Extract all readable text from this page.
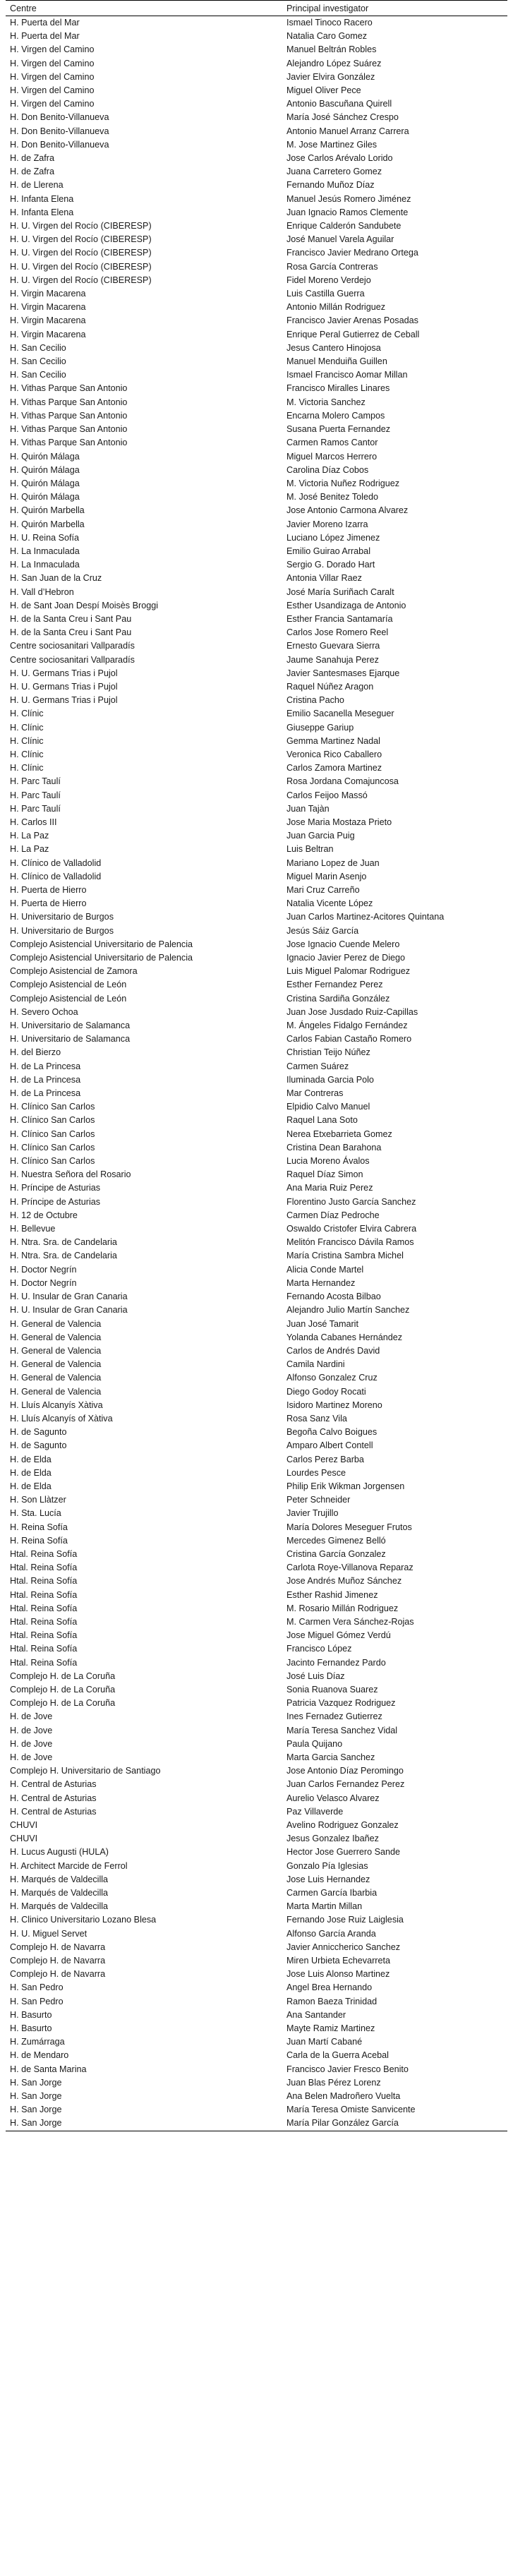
Centre	Principal investigator
H. Puerta del Mar	Ismael Tinoco Racero
H. Puerta del Mar	Natalia Caro Gomez
H. Virgen del Camino	Manuel Beltrán Robles
H. Virgen del Camino	Alejandro López Suárez
H. Virgen del Camino	Javier Elvira González
H. Virgen del Camino	Miguel Oliver Pece
H. Virgen del Camino	Antonio Bascuñana Quirell
H. Don Benito-Villanueva	María José Sánchez Crespo
H. Don Benito-Villanueva	Antonio Manuel Arranz Carrera
H. Don Benito-Villanueva	M. Jose Martinez Giles
H. de Zafra	Jose Carlos Arévalo Lorido
H. de Zafra	Juana Carretero Gomez
H. de Llerena	Fernando Muñoz Díaz
H. Infanta Elena	Manuel Jesús Romero Jiménez
H. Infanta Elena	Juan Ignacio Ramos Clemente
H. U. Virgen del Rocío (CIBERESP)	Enrique Calderón Sandubete
H. U. Virgen del Rocío (CIBERESP)	José Manuel Varela Aguilar
H. U. Virgen del Rocío (CIBERESP)	Francisco Javier Medrano Ortega
H. U. Virgen del Rocío (CIBERESP)	Rosa García Contreras
H. U. Virgen del Rocío (CIBERESP)	Fidel Moreno Verdejo
H. Virgin Macarena	Luis Castilla Guerra
H. Virgin Macarena	Antonio Millán Rodriguez
H. Virgin Macarena	Francisco Javier Arenas Posadas
H. Virgin Macarena	Enrique Peral Gutierrez de Ceball
H. San Cecilio	Jesus Cantero Hinojosa
H. San Cecilio	Manuel Menduiña Guillen
H. San Cecilio	Ismael Francisco Aomar Millan
H. Vithas Parque San Antonio	Francisco Miralles Linares
H. Vithas Parque San Antonio	M. Victoria Sanchez
H. Vithas Parque San Antonio	Encarna Molero Campos
H. Vithas Parque San Antonio	Susana Puerta Fernandez
H. Vithas Parque San Antonio	Carmen Ramos Cantor
H. Quirón Málaga	Miguel Marcos Herrero
H. Quirón Málaga	Carolina Díaz Cobos
H. Quirón Málaga	M. Victoria Nuñez Rodriguez
H. Quirón Málaga	M. José Benitez Toledo
H. Quirón Marbella	Jose Antonio Carmona Alvarez
H. Quirón Marbella	Javier Moreno Izarra
H. U. Reina Sofía	Luciano López Jimenez
H. La Inmaculada	Emilio Guirao Arrabal
H. La Inmaculada	Sergio G. Dorado Hart
H. San Juan de la Cruz	Antonia Villar Raez
H. Vall d’Hebron	José María Suriñach Caralt
H. de Sant Joan Despí Moisès Broggi	Esther Usandizaga de Antonio
H. de la Santa Creu i Sant Pau	Esther Francia Santamaría
H. de la Santa Creu i Sant Pau	Carlos Jose Romero Reel
Centre sociosanitari Vallparadís	Ernesto Guevara Sierra
Centre sociosanitari Vallparadís	Jaume Sanahuja Perez
H. U. Germans Trias i Pujol	Javier Santesmases Ejarque
H. U. Germans Trias i Pujol	Raquel Núñez Aragon
H. U. Germans Trias i Pujol	Cristina Pacho
H. Clínic	Emilio Sacanella Meseguer
H. Clínic	Giuseppe Gariup
H. Clínic	Gemma Martinez Nadal
H. Clínic	Veronica Rico Caballero
H. Clínic	Carlos Zamora Martinez
H. Parc Taulí	Rosa Jordana Comajuncosa
H. Parc Taulí	Carlos Feijoo Massó
H. Parc Taulí	Juan Tajàn
H. Carlos III	Jose Maria Mostaza Prieto
H. La Paz	Juan Garcia Puig
H. La Paz	Luis Beltran
H. Clínico de Valladolid	Mariano Lopez de Juan
H. Clínico de Valladolid	Miguel Marin Asenjo
H. Puerta de Hierro	Mari Cruz Carreño
H. Puerta de Hierro	Natalia Vicente López
H. Universitario de Burgos	Juan Carlos Martinez-Acitores Quintana
H. Universitario de Burgos	Jesús Sáiz García
Complejo Asistencial Universitario de Palencia	Jose Ignacio Cuende Melero
Complejo Asistencial Universitario de Palencia	Ignacio Javier Perez de Diego
Complejo Asistencial de Zamora	Luis Miguel Palomar Rodriguez
Complejo Asistencial de León	Esther Fernandez Perez
Complejo Asistencial de León	Cristina Sardiña González
H. Severo Ochoa	Juan Jose Jusdado Ruiz-Capillas
H. Universitario de Salamanca	M. Ángeles Fidalgo Fernández
H. Universitario de Salamanca	Carlos Fabian Castaño Romero
H. del Bierzo	Christian Teijo Núñez
H. de La Princesa	Carmen Suárez
H. de La Princesa	Iluminada Garcia Polo
H. de La Princesa	Mar Contreras
H. Clínico San Carlos	Elpidio Calvo Manuel
H. Clínico San Carlos	Raquel Lana Soto
H. Clínico San Carlos	Nerea Etxebarrieta Gomez
H. Clínico San Carlos	Cristina Dean Barahona
H. Clínico San Carlos	Lucia Moreno Ávalos
H. Nuestra Señora del Rosario	Raquel Díaz Simon
H. Príncipe de Asturias	Ana Maria Ruiz Perez
H. Príncipe de Asturias	Florentino Justo García Sanchez
H. 12 de Octubre	Carmen Díaz Pedroche
H. Bellevue	Oswaldo Cristofer Elvira Cabrera
H. Ntra. Sra. de Candelaria	Melitón Francisco Dávila Ramos
H. Ntra. Sra. de Candelaria	María Cristina Sambra Michel
H. Doctor Negrín	Alicia Conde Martel
H. Doctor Negrín	Marta Hernandez
H. U. Insular de Gran Canaria	Fernando Acosta Bilbao
H. U. Insular de Gran Canaria	Alejandro Julio Martín Sanchez
H. General de Valencia	Juan José Tamarit
H. General de Valencia	Yolanda Cabanes Hernández
H. General de Valencia	Carlos de Andrés David
H. General de Valencia	Camila Nardini
H. General de Valencia	Alfonso Gonzalez Cruz
H. General de Valencia	Diego Godoy Rocati
H. Lluís Alcanyís Xàtiva	Isidoro Martinez Moreno
H. Lluís Alcanyís of Xàtiva	Rosa Sanz Vila
H. de Sagunto	Begoña Calvo Boigues
H. de Sagunto	Amparo Albert Contell
H. de Elda	Carlos Perez Barba
H. de Elda	Lourdes Pesce
H. de Elda	Philip Erik Wikman Jorgensen
H. Son Llàtzer	Peter Schneider
H. Sta. Lucía	Javier Trujillo
H. Reina Sofía	María Dolores Meseguer Frutos
H. Reina Sofía	Mercedes Gimenez Belló
Htal. Reina Sofía	Cristina García Gonzalez
Htal. Reina Sofía	Carlota Roye-Villanova Reparaz
Htal. Reina Sofía	Jose Andrés Muñoz Sánchez
Htal. Reina Sofía	Esther Rashid Jimenez
Htal. Reina Sofía	M. Rosario Millán Rodriguez
Htal. Reina Sofía	M. Carmen Vera Sánchez-Rojas
Htal. Reina Sofía	Jose Miguel Gómez Verdú
Htal. Reina Sofía	Francisco López
Htal. Reina Sofía	Jacinto Fernandez Pardo
Complejo H. de La Coruña	José Luis Díaz
Complejo H. de La Coruña	Sonia Ruanova Suarez
Complejo H. de La Coruña	Patricia Vazquez Rodriguez
H. de Jove	Ines Fernadez Gutierrez
H. de Jove	María Teresa Sanchez Vidal
H. de Jove	Paula Quijano
H. de Jove	Marta Garcia Sanchez
Complejo H. Universitario de Santiago	Jose Antonio Díaz Peromingo
H. Central de Asturias	Juan Carlos Fernandez Perez
H. Central de Asturias	Aurelio Velasco Alvarez
H. Central de Asturias	Paz Villaverde
CHUVI	Avelino Rodriguez Gonzalez
CHUVI	Jesus Gonzalez Ibañez
H. Lucus Augusti (HULA)	Hector Jose Guerrero Sande
H. Architect Marcide de Ferrol	Gonzalo Pía Iglesias
H. Marqués de Valdecilla	Jose Luis Hernandez
H. Marqués de Valdecilla	Carmen García Ibarbia
H. Marqués de Valdecilla	Marta Martin Millan
H. Clinico Universitario Lozano Blesa	Fernando Jose Ruiz Laiglesia
H. U. Miguel Servet	Alfonso García Aranda
Complejo H. de Navarra	Javier Anniccherico Sanchez
Complejo H. de Navarra	Miren Urbieta Echevarreta
Complejo H. de Navarra	Jose Luis Alonso Martinez
H. San Pedro	Angel Brea Hernando
H. San Pedro	Ramon Baeza Trinidad
H. Basurto	Ana Santander
H. Basurto	Mayte Ramiz Martinez
H. Zumárraga	Juan Martí Cabané
H. de Mendaro	Carla de la Guerra Acebal
H. de Santa Marina	Francisco Javier Fresco Benito
H. San Jorge	Juan Blas Pérez Lorenz
H. San Jorge	Ana Belen Madroñero Vuelta
H. San Jorge	María Teresa Omiste Sanvicente
H. San Jorge	María Pilar González García
